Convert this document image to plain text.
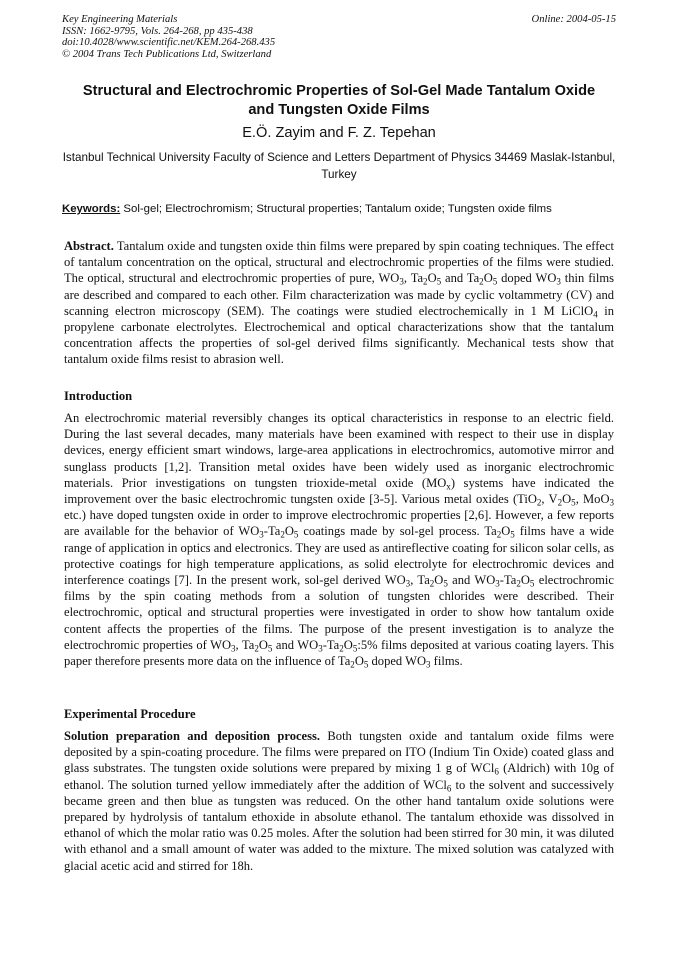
Key Engineering Materials
ISSN: 1662-9795, Vols. 264-268, pp 435-438
doi:10.4028/www.scientific.net/KEM.264-268.435
© 2004 Trans Tech Publications Ltd, Switzerland
Online: 2004-05-15
Structural and Electrochromic Properties of Sol-Gel Made Tantalum Oxide and Tungsten Oxide Films
E.Ö. Zayim and F. Z. Tepehan
Istanbul Technical University Faculty of Science and Letters Department of Physics 34469 Maslak-Istanbul, Turkey
Keywords: Sol-gel; Electrochromism; Structural properties; Tantalum oxide; Tungsten oxide films
Abstract. Tantalum oxide and tungsten oxide thin films were prepared by spin coating techniques. The effect of tantalum concentration on the optical, structural and electrochromic properties of the films were studied. The optical, structural and electrochromic properties of pure, $WO_3$, $Ta_2O_5$ and $Ta_2O_5$ doped $WO_3$ thin films are described and compared to each other. Film characterization was made by cyclic voltammetry (CV) and scanning electron microscopy (SEM). The coatings were studied electrochemically in 1 M LiClO$_4$ in propylene carbonate electrolytes. Electrochemical and optical characterizations show that the tantalum concentration affects the properties of sol-gel derived films significantly. Mechanical tests show that tantalum oxide films resist to abrasion well.
Introduction
An electrochromic material reversibly changes its optical characteristics in response to an electric field. During the last several decades, many materials have been examined with respect to their use in display devices, energy efficient smart windows, large-area applications in electrochromics, automotive mirror and sunglass products [1,2]. Transition metal oxides have been widely used as inorganic electrochromic materials. Prior investigations on tungsten trioxide-metal oxide $(MO_x)$ systems have indicated the improvement over the basic electrochromic tungsten oxide [3-5]. Various metal oxides (TiO$_2$, $V_2O_5$, MoO$_3$ etc.) have doped tungsten oxide in order to improve electrochromic properties [2,6]. However, a few reports are available for the behavior of $WO_3-Ta_2O_5$ coatings made by sol-gel process. $Ta_2O_5$ films have a wide range of application in optics and electronics. They are used as antireflective coating for silicon solar cells, as protective coatings for high temperature applications, as solid electrolyte for electrochromic devices and interference coatings [7]. In the present work, sol-gel derived $WO_3$, $Ta_2O_5$ and $WO_3-Ta_2O_5$ electrochromic films by the spin coating methods from a solution of tungsten chlorides were described. Their electrochromic, optical and structural properties were investigated in order to show how tantalum oxide content affects the properties of the films. The purpose of the present investigation is to analyze the electrochromic properties of $WO_3$, $Ta_2O_5$ and $WO_3-Ta_2O_5:5\%$ films deposited at various coating layers. This paper therefore presents more data on the influence of $Ta_2O_5$ doped $WO_3$ films.
Experimental Procedure
Solution preparation and deposition process. Both tungsten oxide and tantalum oxide films were deposited by a spin-coating procedure. The films were prepared on ITO (Indium Tin Oxide) coated glass and glass substrates. The tungsten oxide solutions were prepared by mixing 1 g of WCl$_6$ (Aldrich) with 10g of ethanol. The solution turned yellow immediately after the addition of WCl$_6$ to the solvent and successively became green and then blue as tungsten was reduced. On the other hand tantalum oxide solutions were prepared by hydrolysis of tantalum ethoxide in absolute ethanol. The tantalum ethoxide was dissolved in ethanol of which the molar ratio was 0.25 moles. After the solution had been stirred for 30 min, it was diluted with ethanol and a small amount of water was added to the mixture. The mixed solution was catalyzed with glacial acetic acid and stirred for 18h.
